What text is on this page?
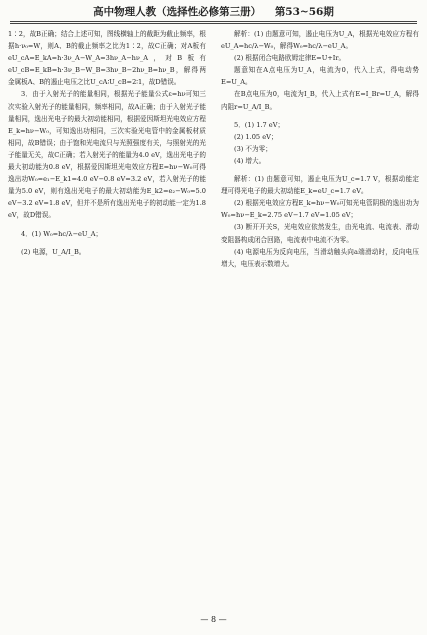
高中物理人教（选择性必修第三册） 第53~56期

1∶2，故B正确；结合上述可知，图线横轴上的截距为截止频率，根据h·ν₀=W，则A、B的截止频率之比为1∶2，故C正确；对A板有eU_cA=E_kA=h·3ν_A−W_A=3hν_A−hν_A，对B板有eU_cB=E_kB=h·3ν_B−W_B=3hν_B−2hν_B=hν_B，解得两金属板A、B的遏止电压之比U_cA∶U_cB=2∶1，故D错误。

3．由于入射光子的能量相同，根据光子能量公式ε=hν可知三次实验入射光子的能量相同，频率相同，故A正确；由于入射光子能量相同，逸出光电子的最大初动能相同，根据爱因斯坦光电效应方程E_k=hν−W₀，可知逸出功相同，三次实验光电管中的金属板材质相同，故B错误；由于饱和光电流只与光照强度有关，与照射光的光子能量无关，故C正确；若入射光子的能量为4.0 eV，逸出光电子的最大初动能为0.8 eV，根据爱因斯坦光电效应方程E=hν−W₀可得逸出功W₀=e₁−E_k1=4.0 eV−0.8 eV=3.2 eV，若入射光子的能量为5.0 eV，则有逸出光电子的最大初动能为E_k2=e₂−W₀=5.0 eV−3.2 eV=1.8 eV，但并不是所有逸出光电子的初动能一定为1.8 eV，故D错误。

4．(1) W₀=hc/λ−eU_A；

(2) 电源，U_A/I_B。

解析：(1) 由题意可知，遏止电压为U_A，根据光电效应方程有eU_A=hc/λ−W₀，解得W₀=hc/λ−eU_A。

(2) 根据闭合电路欧姆定律E=U+Ir。

题意知在A点电压为U_A，电流为0，代入上式，得电动势E=U_A。

在B点电压为0，电流为I_B，代入上式有E=I_Br=U_A，解得内阻r=U_A/I_B。

5．(1) 1.7 eV；

(2) 1.05 eV；

(3) 不为零；

(4) 增大。

解析：(1) 由题意可知，遏止电压为U_c=1.7 V，根据动能定理可得光电子的最大初动能E_k=eU_c=1.7 eV。

(2) 根据光电效应方程E_k=hν−W₀可知光电管阴极的逸出功为W₀=hν−E_k=2.75 eV−1.7 eV=1.05 eV；

(3) 断开开关S，光电效应依然发生，由光电流、电流表、滑动变阻器构成闭合回路，电流表中电流不为零。

(4) 电源电压为反向电压，当滑动触头向a端滑动时，反向电压增大，电压表示数增大。

— 8 —
